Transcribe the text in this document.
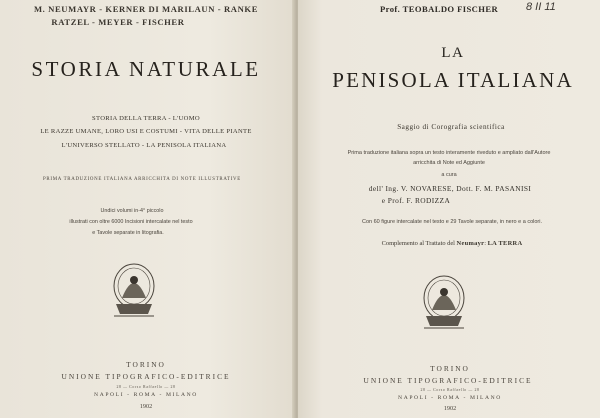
M. NEUMAYR - KERNER DI MARILAUN - RANKE
RATZEL - MEYER - FISCHER
STORIA NATURALE
STORIA DELLA TERRA - L'UOMO
LE RAZZE UMANE, LORO USI E COSTUMI - VITA DELLE PIANTE
L'UNIVERSO STELLATO - LA PENISOLA ITALIANA
PRIMA TRADUZIONE ITALIANA ARRICCHITA DI NOTE ILLUSTRATIVE
Undici volumi in-4° piccolo
illustrati con oltre 6000 Incisioni intercalate nel testo
e Tavole separate in litografia.
TORINO
UNIONE TIPOGRAFICO-EDITRICE
28 — Corso Raffaello — 28
NAPOLI - ROMA - MILANO
1902
Prof. TEOBALDO FISCHER	8 II 11
LA
PENISOLA ITALIANA
Saggio di Corografia scientifica
Prima traduzione italiana sopra un testo interamente riveduto e ampliato dall'Autore
arricchita di Note ed Aggiunte
a cura
dell' Ing. V. NOVARESE, Dott. F. M. PASANISI
e Prof. F. RODIZZA
Con 60 figure intercalate nel testo e 29 Tavole separate, in nero e a colori.
Complemento al Trattato del Neumayr: LA TERRA
TORINO
UNIONE TIPOGRAFICO-EDITRICE
28 — Corso Raffaello — 28
NAPOLI - ROMA - MILANO
1902
